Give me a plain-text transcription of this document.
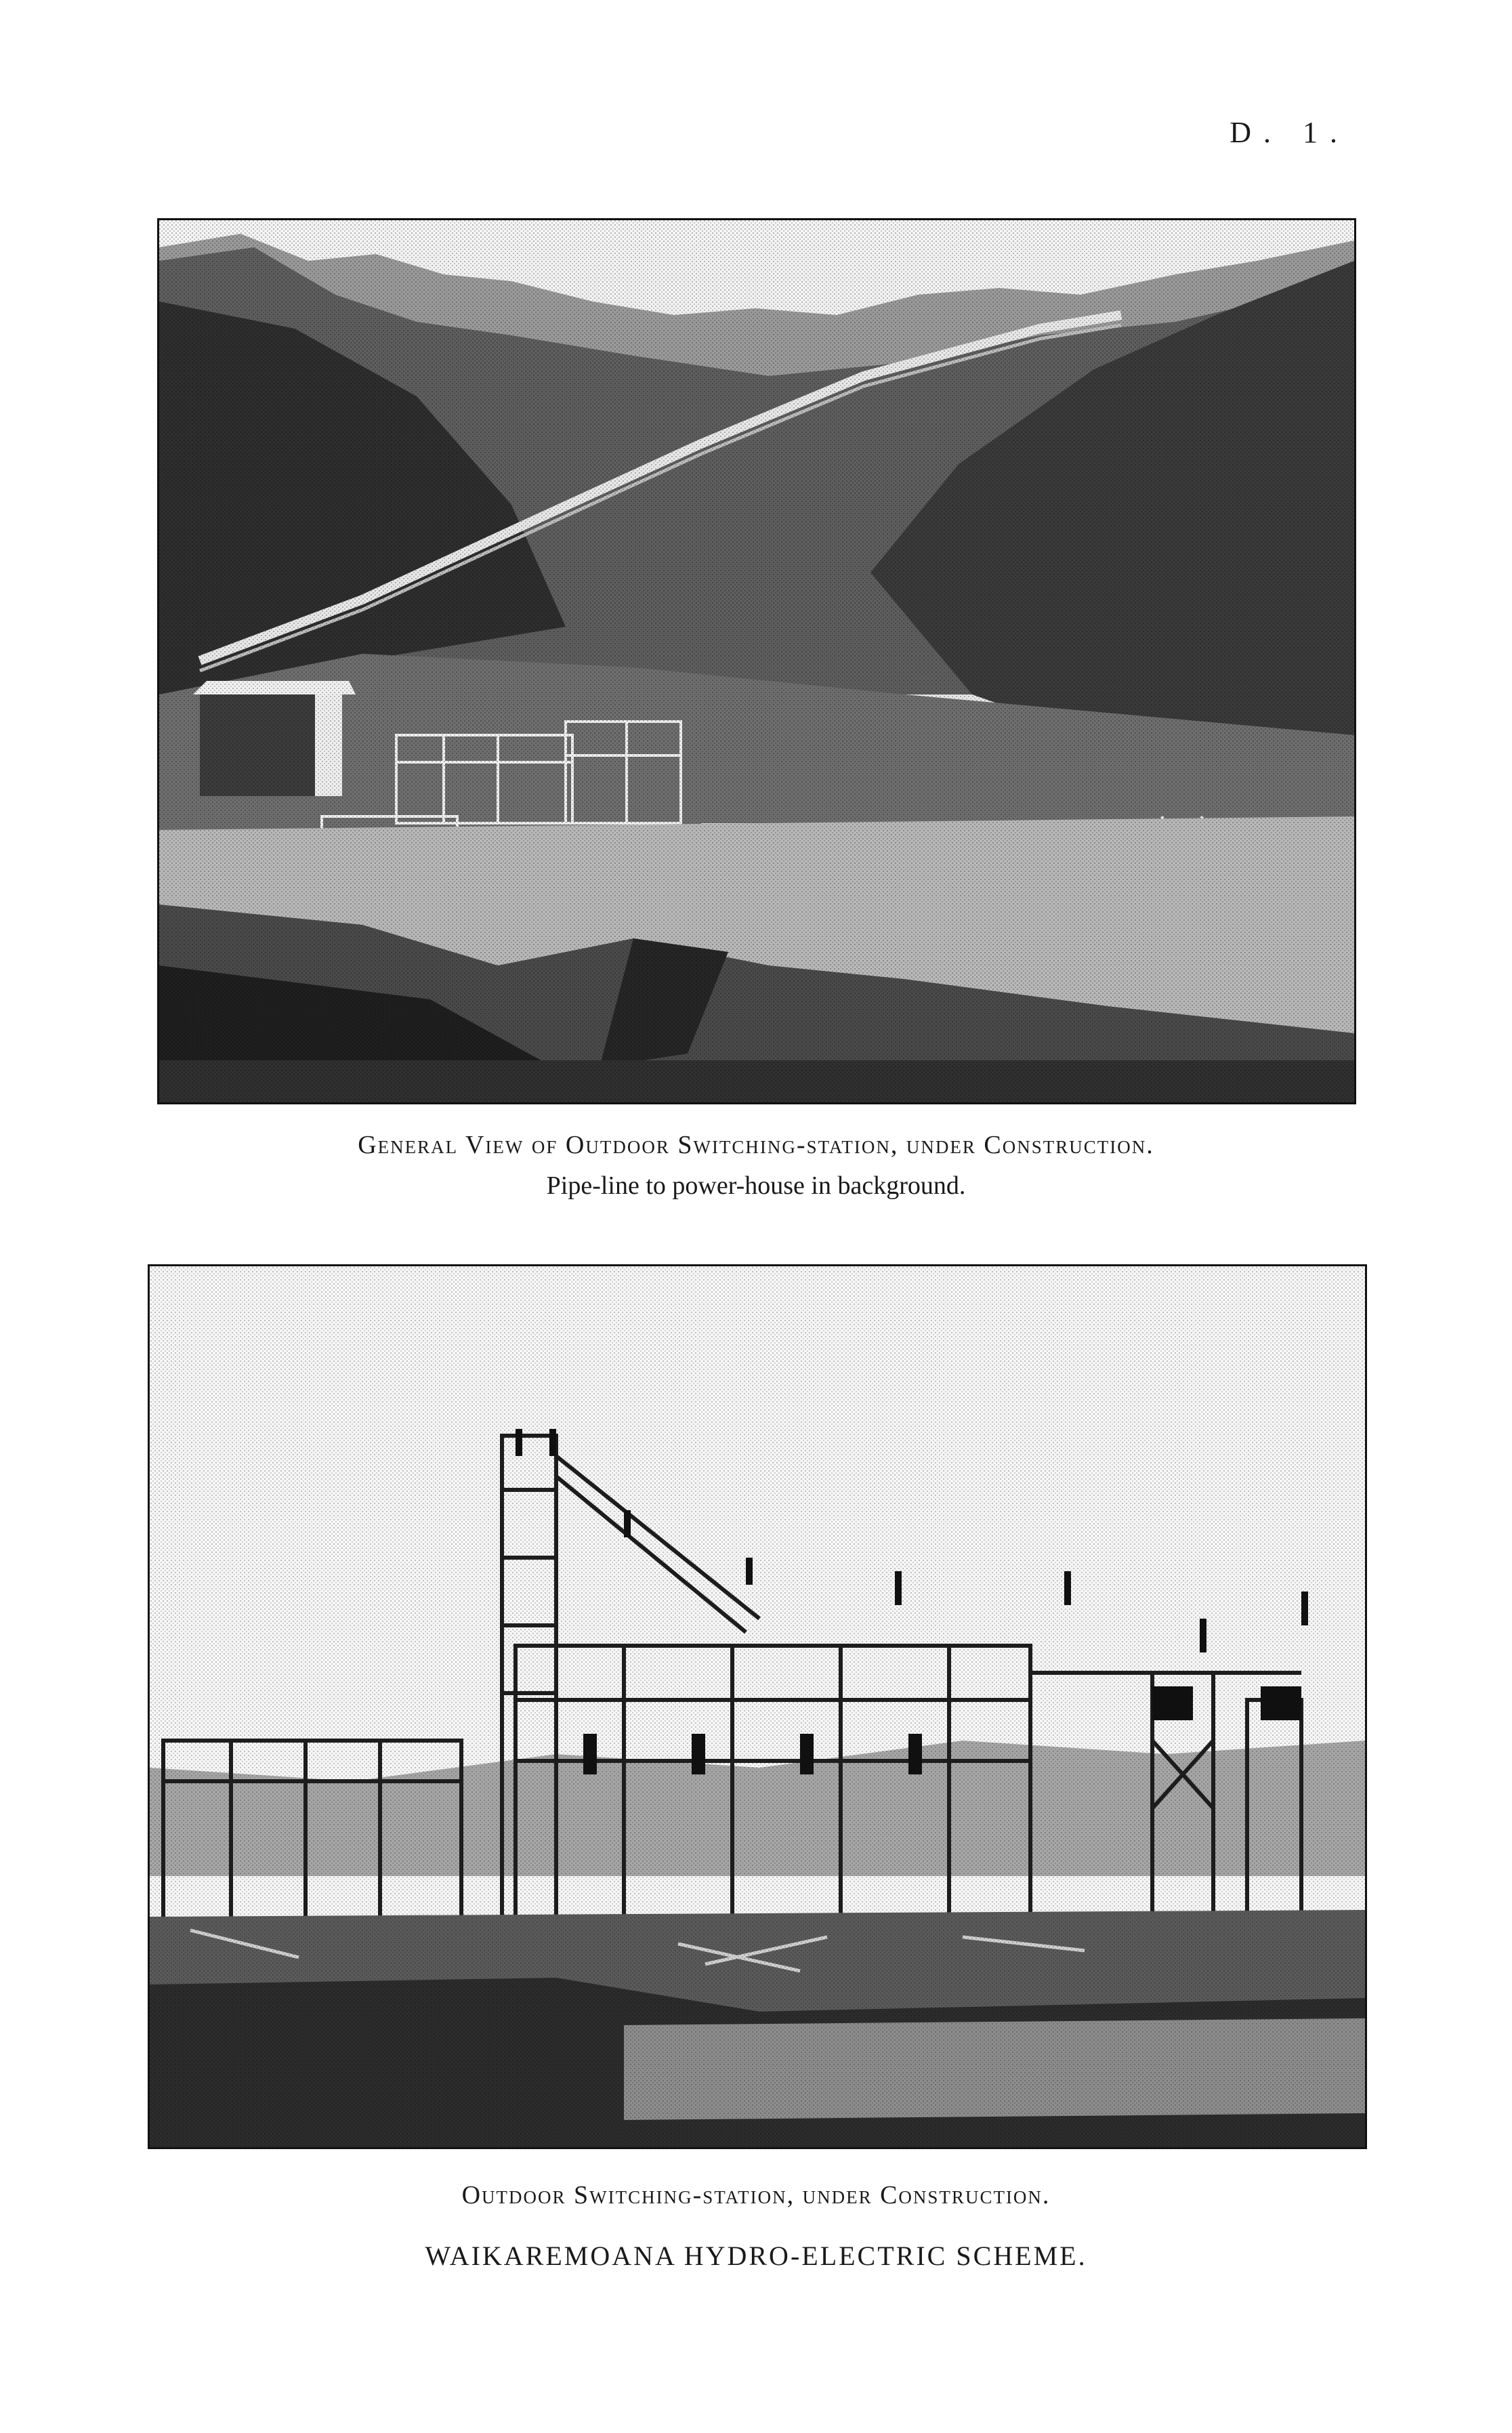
D. 1.
General View of Outdoor Switching-station, under Construction.
Pipe-line to power-house in background.
Outdoor Switching-station, under Construction.
WAIKAREMOANA HYDRO-ELECTRIC SCHEME.
